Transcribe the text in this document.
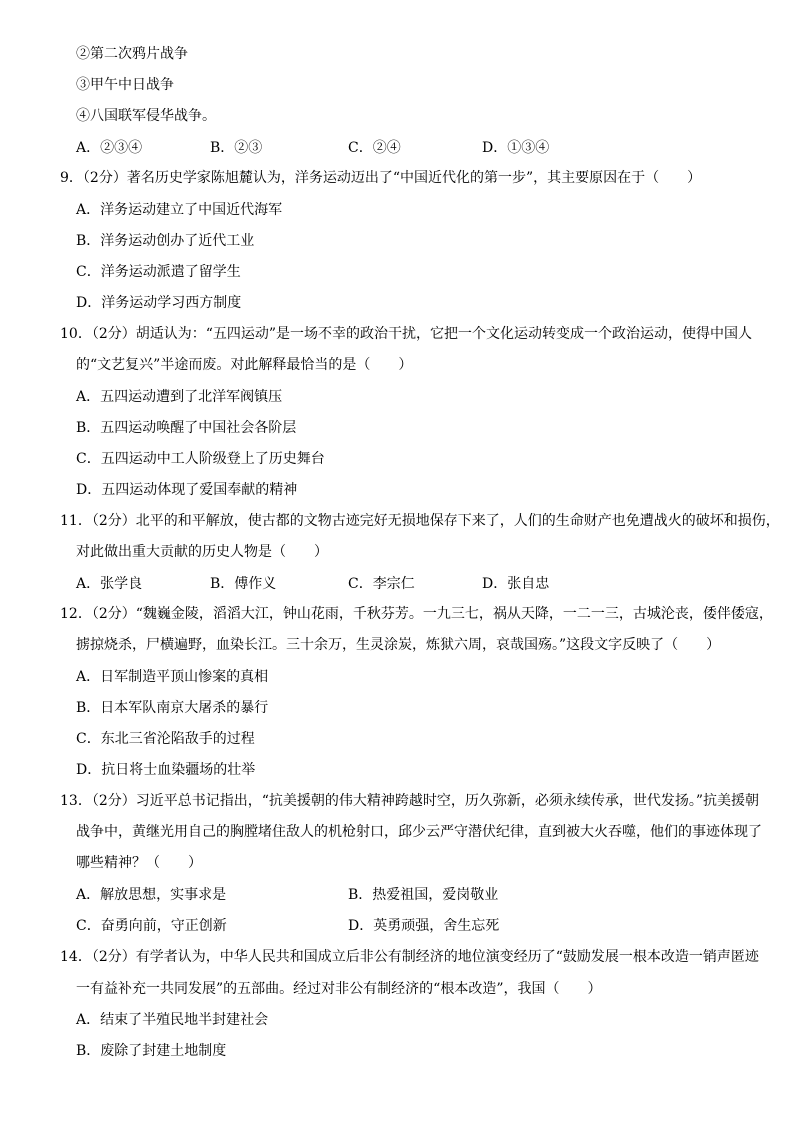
②第二次鸦片战争
③甲午中日战争
④八国联军侵华战争。
A．②③④	B．②③	C．②④	D．①③④
9．（2分）著名历史学家陈旭麓认为，洋务运动迈出了“中国近代化的第一步”，其主要原因在于（　　）
A．洋务运动建立了中国近代海军
B．洋务运动创办了近代工业
C．洋务运动派遣了留学生
D．洋务运动学习西方制度
10．（2分）胡适认为：“五四运动”是一场不幸的政治干扰，它把一个文化运动转变成一个政治运动，使得中国人
的“文艺复兴”半途而废。对此解释最恰当的是（　　）
A．五四运动遭到了北洋军阀镇压
B．五四运动唤醒了中国社会各阶层
C．五四运动中工人阶级登上了历史舞台
D．五四运动体现了爱国奉献的精神
11．（2分）北平的和平解放，使古都的文物古迹完好无损地保存下来了，人们的生命财产也免遭战火的破坏和损伤，
对此做出重大贡献的历史人物是（　　）
A．张学良	B．傅作义	C．李宗仁	D．张自忠
12．（2分）“魏巍金陵，滔滔大江，钟山花雨，千秋芬芳。一九三七，祸从天降，一二一三，古城沦丧，倭伴倭寇，
掳掠烧杀，尸横遍野，血染长江。三十余万，生灵涂炭，炼狱六周，哀哉国殇。”这段文字反映了（　　）
A．日军制造平顶山惨案的真相
B．日本军队南京大屠杀的暴行
C．东北三省沦陷敌手的过程
D．抗日将士血染疆场的壮举
13．（2分）习近平总书记指出，“抗美援朝的伟大精神跨越时空，历久弥新，必须永续传承，世代发扬。”抗美援朝
战争中，黄继光用自己的胸膛堵住敌人的机枪射口，邱少云严守潜伏纪律，直到被大火吞噬，他们的事迹体现了
哪些精神？（　　）
A．解放思想，实事求是	B．热爱祖国，爱岗敬业
C．奋勇向前，守正创新	D．英勇顽强，舍生忘死
14．（2分）有学者认为，中华人民共和国成立后非公有制经济的地位演变经历了“鼓励发展一根本改造一销声匿迹
一有益补充一共同发展”的五部曲。经过对非公有制经济的“根本改造”，我国（　　）
A．结束了半殖民地半封建社会
B．废除了封建土地制度
